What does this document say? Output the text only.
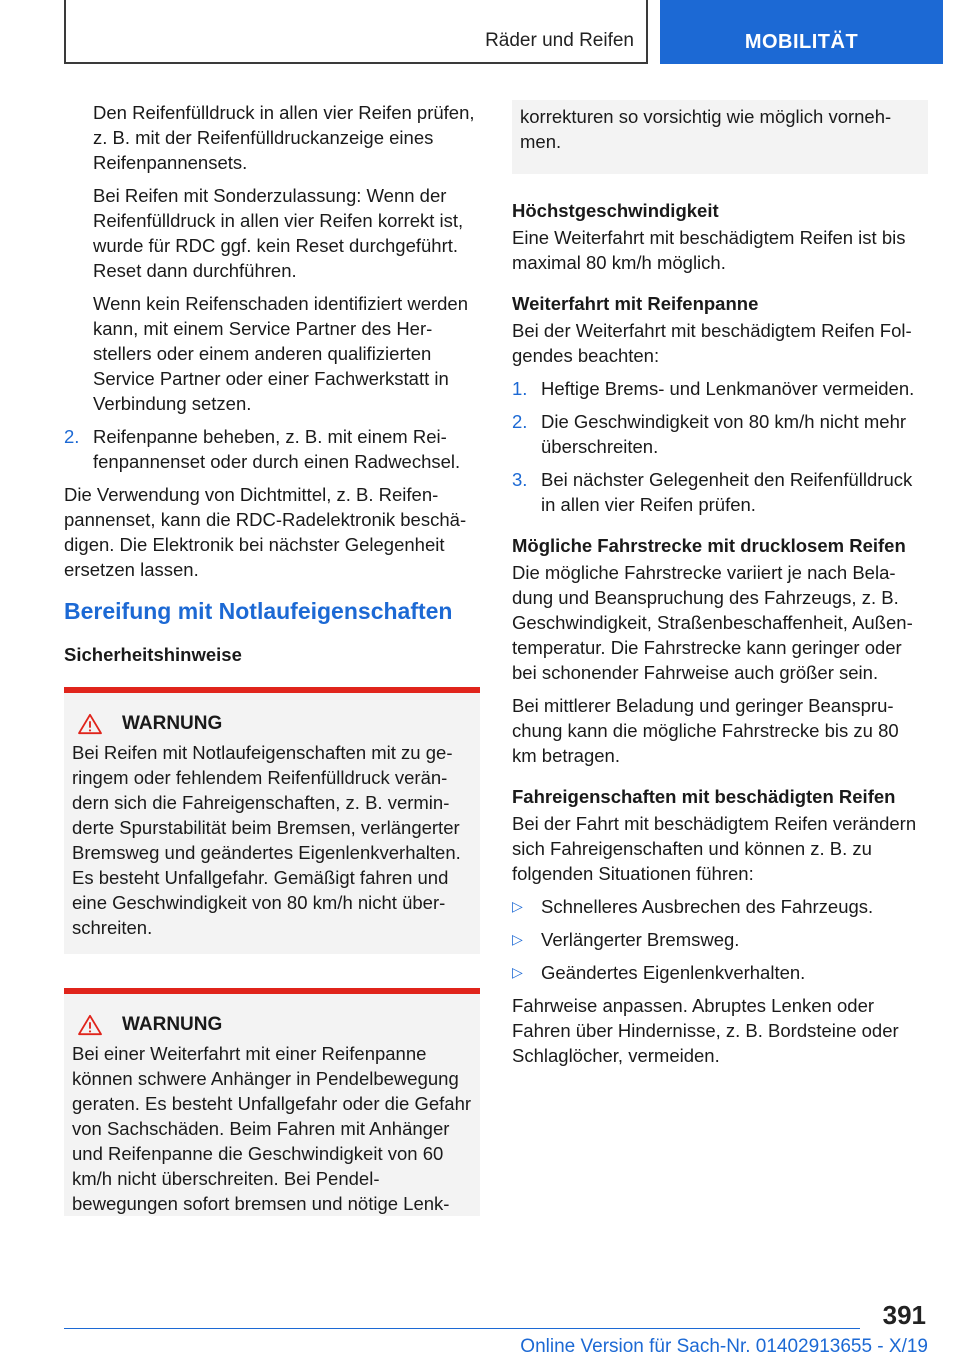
Räder und Reifen	MOBILITÄT

Den Reifenfülldruck in allen vier Reifen prüfen, z. B. mit der Reifenfülldruckanzeige eines Reifenpannensets.

Bei Reifen mit Sonderzulassung: Wenn der Reifenfülldruck in allen vier Reifen korrekt ist, wurde für RDC ggf. kein Reset durchgeführt. Reset dann durchführen.

Wenn kein Reifenschaden identifiziert werden kann, mit einem Service Partner des Herstellers oder einem anderen qualifizierten Service Partner oder einer Fachwerkstatt in Verbindung setzen.

2. Reifenpanne beheben, z. B. mit einem Reifenpannenset oder durch einen Radwechsel.

Die Verwendung von Dichtmittel, z. B. Reifenpannenset, kann die RDC-Radelektronik beschädigen. Die Elektronik bei nächster Gelegenheit ersetzen lassen.

Bereifung mit Notlaufeigenschaften
Sicherheitshinweise
WARNUNG
Bei Reifen mit Notlaufeigenschaften mit zu geringem oder fehlendem Reifenfülldruck verändern sich die Fahreigenschaften, z. B. verminderte Spurstabilität beim Bremsen, verlängerter Bremsweg und geändertes Eigenlenkverhalten. Es besteht Unfallgefahr. Gemäßigt fahren und eine Geschwindigkeit von 80 km/h nicht überschreiten.
WARNUNG
Bei einer Weiterfahrt mit einer Reifenpanne können schwere Anhänger in Pendelbewegung geraten. Es besteht Unfallgefahr oder die Gefahr von Sachschäden. Beim Fahren mit Anhänger und Reifenpanne die Geschwindigkeit von 60 km/h nicht überschreiten. Bei Pendelbewegungen sofort bremsen und nötige Lenk-
korrekturen so vorsichtig wie möglich vornehmen.
Höchstgeschwindigkeit

Eine Weiterfahrt mit beschädigtem Reifen ist bis maximal 80 km/h möglich.

Weiterfahrt mit Reifenpanne

Bei der Weiterfahrt mit beschädigtem Reifen Folgendes beachten:

1. Heftige Brems- und Lenkmanöver vermeiden.
2. Die Geschwindigkeit von 80 km/h nicht mehr überschreiten.
3. Bei nächster Gelegenheit den Reifenfülldruck in allen vier Reifen prüfen.
Mögliche Fahrstrecke mit drucklosem Reifen

Die mögliche Fahrstrecke variiert je nach Beladung und Beanspruchung des Fahrzeugs, z. B. Geschwindigkeit, Straßenbeschaffenheit, Außentemperatur. Die Fahrstrecke kann geringer oder bei schonender Fahrweise auch größer sein.

Bei mittlerer Beladung und geringer Beanspruchung kann die mögliche Fahrstrecke bis zu 80 km betragen.

Fahreigenschaften mit beschädigten Reifen

Bei der Fahrt mit beschädigtem Reifen verändern sich Fahreigenschaften und können z. B. zu folgenden Situationen führen:

▷ Schnelleres Ausbrechen des Fahrzeugs.
▷ Verlängerter Bremsweg.
▷ Geändertes Eigenlenkverhalten.

Fahrweise anpassen. Abruptes Lenken oder Fahren über Hindernisse, z. B. Bordsteine oder Schlaglöcher, vermeiden.

391
Online Version für Sach-Nr. 01402913655 - X/19
